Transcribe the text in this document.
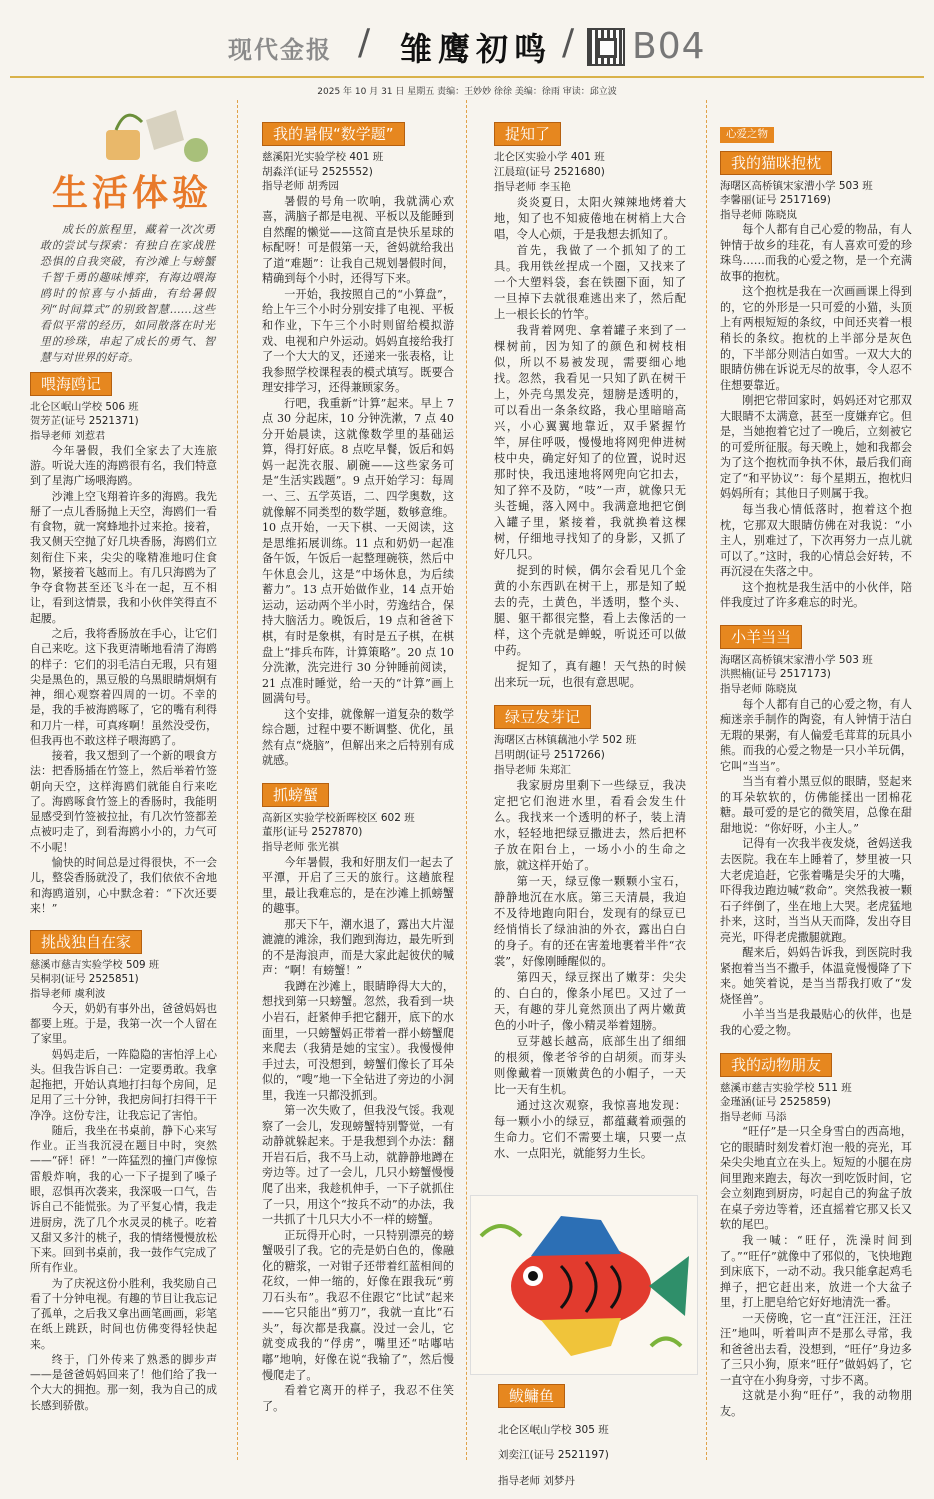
现代金报 / 雏鹰初鸣 / B04
2025 年 10 月 31 日 星期五 责编：王妙妙 徐徐 美编：徐雨 审读：邱立波
生活体验
成长的旅程里，藏着一次次勇敢的尝试与探索：有独自在家战胜恐惧的自我突破，有沙滩上与螃蟹千智千勇的趣味博弈，有海边喂海鸥时的惊喜与小插曲，有给暑假列“时间算式”的别致智慧……这些看似平常的经历，如同散落在时光里的珍珠，串起了成长的勇气、智慧与对世界的好奇。
喂海鸥记

北仑区岷山学校 506 班

贺芳芷(证号 2521371)

指导老师 刘惹君

今年暑假，我们全家去了大连旅游。听说大连的海鸥很有名，我们特意到了星海广场喂海鸥。

沙滩上空飞翔着许多的海鸥。我先掰了一点儿香肠抛上天空，海鸥们一看有食物，就一窝蜂地扑过来抢。接着，我又侧天空抛了好几块香肠，海鸥们立刻衔住下来，尖尖的喙精准地叼住食物，紧接着飞越而上。有几只海鸥为了争夺食物甚至还飞斗在一起，互不相让，看到这情景，我和小伙伴笑得直不起腰。

之后，我将香肠放在手心，让它们自己来吃。这下我更清晰地看清了海鸥的样子：它们的羽毛洁白无瑕，只有翅尖是黑色的，黑豆般的乌黑眼睛炯炯有神，细心观察着四周的一切。不幸的是，我的手被海鸥啄了，它的嘴有利得和刀片一样，可真疼啊！虽然没受伤，但我再也不敢这样子喂海鸥了。

接着，我又想到了一个新的喂食方法：把香肠插在竹签上，然后举着竹签朝向天空，这样海鸥们就能自行来吃了。海鸥啄食竹签上的香肠时，我能明显感受到竹签被拉扯，有几次竹签都差点被叼走了，到看海鸥小小的，力气可不小呢！

愉快的时间总是过得很快，不一会儿，整袋香肠就没了，我们依依不舍地和海鸥道别，心中默念着：“下次还要来！”

挑战独自在家

慈溪市慈吉实验学校 509 班

吴桐羽(证号 2525851)

指导老师 虞利波

今天，奶奶有事外出，爸爸妈妈也都要上班。于是，我第一次一个人留在了家里。

妈妈走后，一阵隐隐的害怕浮上心头。但我告诉自己：一定要勇敢。我拿起拖把，开始认真地打扫每个房间，足足用了三十分钟，我把房间打扫得干干净净。这份专注，让我忘记了害怕。

随后，我坐在书桌前，静下心来写作业。正当我沉浸在题目中时，突然——“砰！砰！”一阵猛烈的撞门声像惊雷般炸响，我的心一下子提到了嗓子眼，忍惧再次袭来，我深吸一口气，告诉自己不能慌张。为了平复心情，我走进厨房，洗了几个水灵灵的桃子。吃着又甜又多汁的桃子，我的情绪慢慢放松下来。回到书桌前，我一鼓作气完成了所有作业。

为了庆祝这份小胜利，我奖励自己看了十分钟电视。有趣的节目让我忘记了孤单，之后我又拿出画笔画画，彩笔在纸上跳跃，时间也仿佛变得轻快起来。

终于，门外传来了熟悉的脚步声——是爸爸妈妈回来了！他们给了我一个大大的拥抱。那一刻，我为自己的成长感到骄傲。

我的暑假“数学题”

慈溪阳光实验学校 401 班

胡淼洋(证号 2525552)

指导老师 胡秀园

暑假的号角一吹响，我就满心欢喜，满脑子都是电视、平板以及能睡到自然醒的懒觉——这简直是快乐星球的标配呀！可是假第一天，爸妈就给我出了道“难题”：让我自己规划暑假时间，精确到每个小时，还得写下来。

一开始，我按照自己的“小算盘”，给上午三个小时分别安排了电视、平板和作业，下午三个小时则留给模拟游戏、电视和户外运动。妈妈直接给我打了一个大大的叉，还递来一张表格，让我参照学校课程表的模式填写。既要合理安排学习，还得兼顾家务。

行吧，我重新“计算”起来。早上 7 点 30 分起床，10 分钟洗漱，7 点 40 分开始晨读，这就像数学里的基础运算，得打好底。8 点吃早餐，饭后和妈妈一起洗衣服、刷碗——这些家务可是“生活实践题”。9 点开始学习：每周一、三、五学英语，二、四学奥数，这就像解不同类型的数学题，数够意维。10 点开始，一天下棋、一天阅读，这是思维拓展训练。11 点和奶奶一起准备午饭，午饭后一起整理碗筷，然后中午休息会儿，这是“中场休息，为后续蓄力”。13 点开始做作业，14 点开始运动，运动两个半小时，劳逸结合，保持大脑活力。晚饭后，19 点和爸爸下棋，有时是象棋，有时是五子棋，在棋盘上“排兵布阵，计算策略”。20 点 10 分洗漱，洗完进行 30 分钟睡前阅读，21 点准时睡觉，给一天的“计算”画上圆满句号。

这个安排，就像解一道复杂的数学综合题，过程中要不断调整、优化，虽然有点“烧脑”，但解出来之后特别有成就感。

抓螃蟹

高新区实验学校新晖校区 602 班

董彤(证号 2527870)

指导老师 张光祺

今年暑假，我和好朋友们一起去了平潭，开启了三天的旅行。这趟旅程里，最让我难忘的，是在沙滩上抓螃蟹的趣事。

那天下午，潮水退了，露出大片湿漉漉的滩涂，我们跑到海边，最先听到的不是海浪声，而是大家此起彼伏的喊声：“啊！有螃蟹！”

我蹲在沙滩上，眼睛睁得大大的，想找到第一只螃蟹。忽然，我看到一块小岩石，赶紧伸手把它翻开，底下的水面里，一只螃蟹妈正带着一群小螃蟹爬来爬去（我猜是她的宝宝）。我慢慢伸手过去，可没想到，螃蟹们像长了耳朵似的，“嗖”地一下全钻进了旁边的小洞里，我连一只都没抓到。

第一次失败了，但我没气馁。我观察了一会儿，发现螃蟹特别警觉，一有动静就躲起来。于是我想到个办法：翻开岩石后，我不马上动，就静静地蹲在旁边等。过了一会儿，几只小螃蟹慢慢爬了出来，我趁机伸手，一下子就抓住了一只，用这个“按兵不动”的办法，我一共抓了十几只大小不一样的螃蟹。

正玩得开心时，一只特别漂亮的螃蟹吸引了我。它的壳是奶白色的，像融化的糖浆，一对钳子还带着红蓝相间的花纹，一伸一缩的，好像在跟我玩“剪刀石头布”。我忍不住跟它“比试”起来——它只能出“剪刀”，我就一直比“石头”，每次都是我赢。没过一会儿，它就变成我的“俘虏”，嘴里还“咕嘟咕嘟”地响，好像在说“我输了”，然后慢慢爬走了。

看着它离开的样子，我忍不住笑了。

捉知了

北仑区实验小学 401 班

江晨瑄(证号 2521680)

指导老师 李玉艳

炎炎夏日，太阳火辣辣地烤着大地，知了也不知疲倦地在树梢上大合唱，令人心烦，于是我想去抓知了。

首先，我做了一个抓知了的工具。我用铁丝捏成一个圈，又找来了一个大塑料袋，套在铁圈下面，知了一旦掉下去就很难逃出来了，然后配上一根长长的竹竿。

我背着网兜、拿着罐子来到了一棵树前，因为知了的颜色和树枝相似，所以不易被发现，需要细心地找。忽然，我看见一只知了趴在树干上，外壳乌黑发亮，翅膀是透明的，可以看出一条条纹路，我心里暗暗高兴，小心翼翼地靠近，双手紧握竹竿，屏住呼吸，慢慢地将网兜伸进树枝中央，确定好知了的位置，说时迟那时快，我迅速地将网兜向它扣去，知了猝不及防，“吱”一声，就像只无头苍蝇，落入网中。我满意地把它倒入罐子里，紧接着，我就换着这棵树，仔细地寻找知了的身影，又抓了好几只。

捉到的时候，偶尔会看见几个金黄的小东西趴在树干上，那是知了蜕去的壳，土黄色，半透明，整个头、腿、躯干都很完整，看上去像活的一样，这个壳就是蝉蜕，听说还可以做中药。

捉知了，真有趣！天气热的时候出来玩一玩，也很有意思呢。

绿豆发芽记

海曙区古林镇藕池小学 502 班

吕明朗(证号 2517266)

指导老师 朱郑汇

我家厨房里剩下一些绿豆，我决定把它们泡进水里，看看会发生什么。我找来一个透明的杯子，装上清水，轻轻地把绿豆撒进去，然后把杯子放在阳台上，一场小小的生命之旅，就这样开始了。

第一天，绿豆像一颗颗小宝石，静静地沉在水底。第三天清晨，我迫不及待地跑向阳台，发现有的绿豆已经悄悄长了绿油油的外衣，露出白白的身子。有的还在害羞地裹着半件“衣裳”，好像刚睡醒似的。

第四天，绿豆探出了嫩芽：尖尖的、白白的，像条小尾巴。又过了一天，有趣的芽儿竟然顶出了两片嫩黄色的小叶子，像小精灵举着翅膀。

豆芽越长越高，底部生出了细细的根须，像老爷爷的白胡须。而芽头则像戴着一顶嫩黄色的小帽子，一天比一天有生机。

通过这次观察，我惊喜地发现：每一颗小小的绿豆，都蕴藏着顽强的生命力。它们不需要土壤，只要一点水、一点阳光，就能努力生长。

心爱之物
我的猫咪抱枕

海曙区高桥镇宋家漕小学 503 班

李馨丽(证号 2517169)

指导老师 陈晓岚

每个人都有自己心爱的物品，有人钟情于故乡的珪花，有人喜欢可爱的珍珠鸟……而我的心爱之物，是一个充满故事的抱枕。

这个抱枕是我在一次画画课上得到的，它的外形是一只可爱的小猫，头顶上有两根短短的条纹，中间还夹着一根稍长的条纹。抱枕的上半部分是灰色的，下半部分则洁白如雪。一双大大的眼睛仿佛在诉说无尽的故事，令人忍不住想要靠近。

刚把它带回家时，妈妈还对它那双大眼睛不太满意，甚至一度嫌弃它。但是，当她抱着它过了一晚后，立刻被它的可爱所征服。每天晚上，她和我都会为了这个抱枕而争执不休，最后我们商定了“和平协议”：每个星期五，抱枕归妈妈所有；其他日子则属于我。

每当我心情低落时，抱着这个抱枕，它那双大眼睛仿佛在对我说：“小主人，别难过了，下次再努力一点儿就可以了。”这时，我的心情总会好转，不再沉浸在失落之中。

这个抱枕是我生活中的小伙伴，陪伴我度过了许多难忘的时光。

小羊当当

海曙区高桥镇宋家漕小学 503 班

洪熙楠(证号 2517173)

指导老师 陈晓岚

每个人都有自己的心爱之物，有人痴迷亲手制作的陶瓷，有人钟情于洁白无瑕的果粥，有人偏爱毛茸茸的玩具小熊。而我的心爱之物是一只小羊玩偶，它叫“当当”。

当当有着小黑豆似的眼睛，竖起来的耳朵软软的，仿佛能揉出一团棉花糖。最可爱的是它的微笑眉，总像在甜甜地说：“你好呀，小主人。”

记得有一次我半夜发烧，爸妈送我去医院。我在车上睡着了，梦里被一只大老虎追赶，它张着嘴是尖牙的大嘴，吓得我边跑边喊“救命”。突然我被一颗石子绊倒了，坐在地上大哭。老虎猛地扑来，这时，当当从天而降，发出夺目亮光，吓得老虎撒腿就跑。

醒来后，妈妈告诉我，到医院时我紧抱着当当不撒手，体温竟慢慢降了下来。她笑着说，是当当帮我打败了“发烧怪兽”。

小羊当当是我最贴心的伙伴，也是我的心爱之物。

我的动物朋友

慈溪市慈吉实验学校 511 班

金瑾涵(证号 2525859)

指导老师 马添

“旺仔”是一只全身雪白的西高地，它的眼睛时刻发着灯泡一般的亮光，耳朵尖尖地直立在头上。短短的小腿在房间里跑来跑去，每次一到吃饭时间，它会立刻跑到厨房，叼起自己的狗盆子放在桌子旁边等着，还直摇着它那又长又软的尾巴。

我一喊：“旺仔，洗澡时间到了。”“旺仔”就像中了邪似的，飞快地跑到床底下，一动不动。我只能拿起鸡毛掸子，把它赶出来，放进一个大盆子里，打上肥皂给它好好地清洗一番。

一天傍晚，它一直“汪汪汪，汪汪汪”地叫，听着叫声不是那么寻常，我和爸爸出去看，没想到，“旺仔”身边多了三只小狗，原来“旺仔”做妈妈了，它一直守在小狗身旁，寸步不离。

这就是小狗“旺仔”，我的动物朋友。

鲅鳙鱼

北仑区岷山学校 305 班

刘奕江(证号 2521197)

指导老师 刘梦丹
